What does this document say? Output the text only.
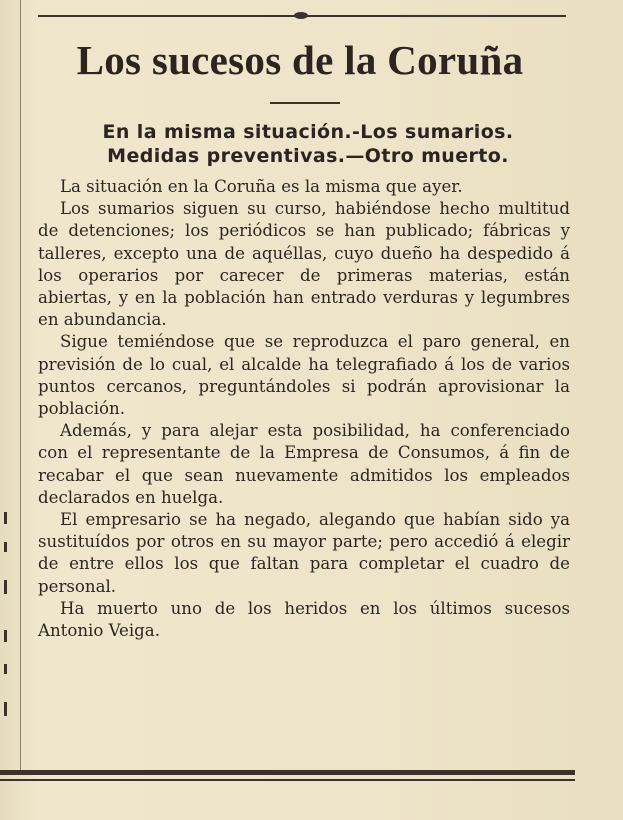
Los sucesos de la Coruña
En la misma situación.-Los sumarios.
Medidas preventivas.—Otro muerto.

La situación en la Coruña es la misma que ayer.

Los sumarios siguen su curso, habiéndose hecho multitud de detenciones; los periódicos se han publicado; fábricas y talleres, excepto una de aquéllas, cuyo dueño ha despedido á los operarios por carecer de primeras materias, están abiertas, y en la población han entrado verduras y legumbres en abundancia.

Sigue temiéndose que se reproduzca el paro general, en previsión de lo cual, el alcalde ha telegrafiado á los de varios puntos cercanos, preguntándoles si podrán aprovisionar la población.

Además, y para alejar esta posibilidad, ha conferenciado con el representante de la Empresa de Consumos, á fin de recabar el que sean nuevamente admitidos los empleados declarados en huelga.

El empresario se ha negado, alegando que habían sido ya sustituídos por otros en su mayor parte; pero accedió á elegir de entre ellos los que faltan para completar el cuadro de personal.

Ha muerto uno de los heridos en los últimos sucesos Antonio Veiga.
